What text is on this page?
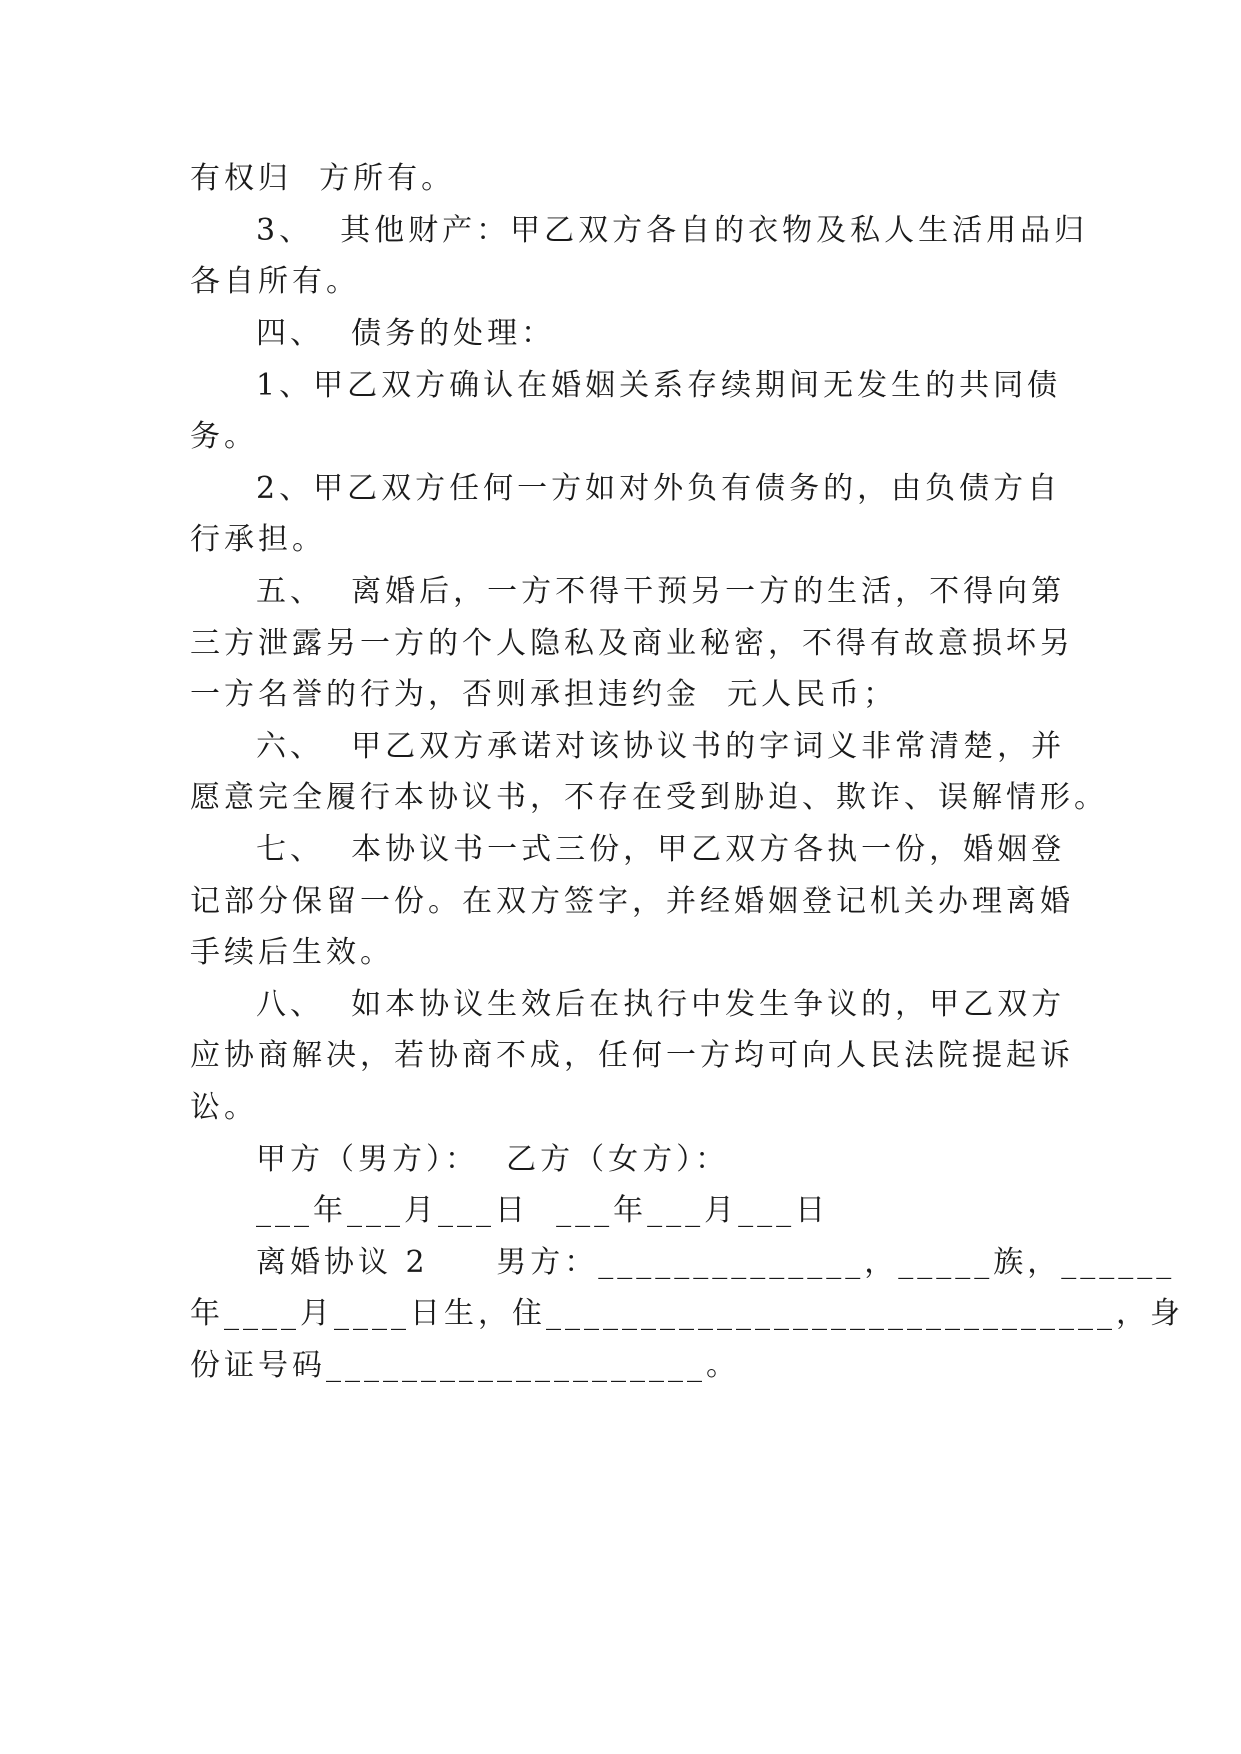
有权归  方所有。
3、  其他财产：甲乙双方各自的衣物及私人生活用品归
各自所有。
四、  债务的处理：
1、甲乙双方确认在婚姻关系存续期间无发生的共同债
务。
2、甲乙双方任何一方如对外负有债务的，由负债方自
行承担。
五、  离婚后，一方不得干预另一方的生活，不得向第
三方泄露另一方的个人隐私及商业秘密，不得有故意损坏另
一方名誉的行为，否则承担违约金  元人民币；
六、  甲乙双方承诺对该协议书的字词义非常清楚，并
愿意完全履行本协议书，不存在受到胁迫、欺诈、误解情形。
七、  本协议书一式三份，甲乙双方各执一份，婚姻登
记部分保留一份。在双方签字，并经婚姻登记机关办理离婚
手续后生效。
八、  如本协议生效后在执行中发生争议的，甲乙双方
应协商解决，若协商不成，任何一方均可向人民法院提起诉
讼。
甲方（男方）：  乙方（女方）：
___年___月___日  ___年___月___日
离婚协议 2     男方：______________，_____族，______
年____月____日生，住______________________________，身
份证号码____________________。
